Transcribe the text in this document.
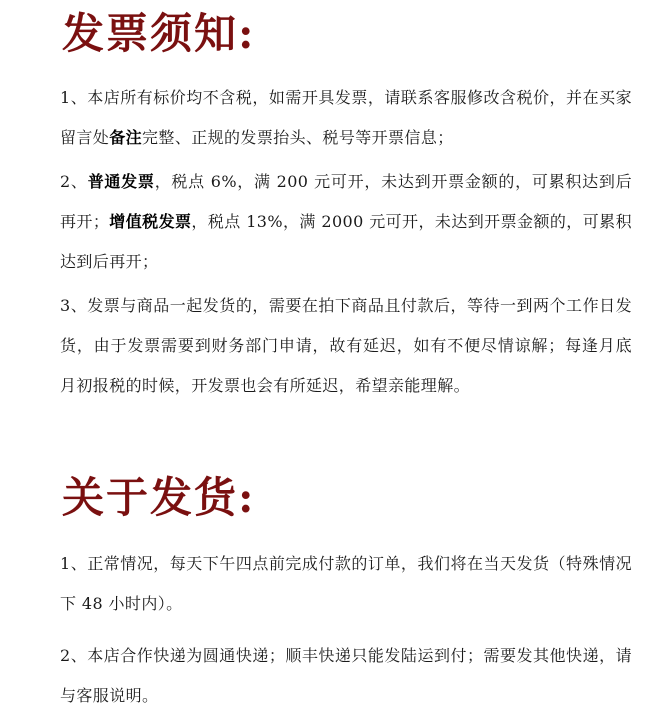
发票须知:

1、本店所有标价均不含税，如需开具发票，请联系客服修改含税价，并在买家留言处备注完整、正规的发票抬头、税号等开票信息；

2、普通发票，税点 6%，满 200 元可开，未达到开票金额的，可累积达到后再开；增值税发票，税点 13%，满 2000 元可开，未达到开票金额的，可累积达到后再开；

3、发票与商品一起发货的，需要在拍下商品且付款后，等待一到两个工作日发货，由于发票需要到财务部门申请，故有延迟，如有不便尽情谅解；每逢月底月初报税的时候，开发票也会有所延迟，希望亲能理解。

关于发货:

1、正常情况，每天下午四点前完成付款的订单，我们将在当天发货（特殊情况下 48 小时内）。

2、本店合作快递为圆通快递；顺丰快递只能发陆运到付；需要发其他快递，请与客服说明。
